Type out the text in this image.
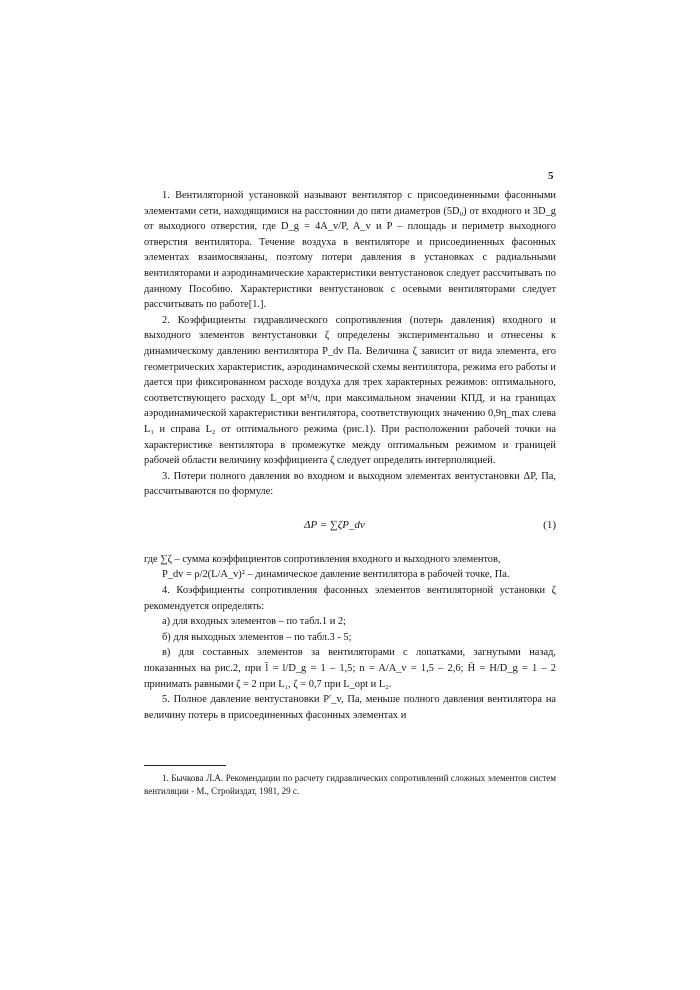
5

1. Вентиляторной установкой называют вентилятор с присоединенными фасонными элементами сети, находящимися на расстоянии до пяти диаметров (5D₀) от входного и 3D_g от выходного отверстия, где D_g = 4A_v/P, A_v и P – площадь и периметр выходного отверстия вентилятора. Течение воздуха в вентиляторе и присоединенных фасонных элементах взаимосвязаны, поэтому потери давления в установках с радиальными вентиляторами и аэродинамические характеристики вентустановок следует рассчитывать по данному Пособию. Характеристики вентустановок с осевыми вентиляторами следует рассчитывать по работе[1.].

2. Коэффициенты гидравлического сопротивления (потерь давления) входного и выходного элементов вентустановки ζ определены экспериментально и отнесены к динамическому давлению вентилятора P_dv Па. Величина ζ зависит от вида элемента, его геометрических характеристик, аэродинамической схемы вентилятора, режима его работы и дается при фиксированном расходе воздуха для трех характерных режимов: оптимального, соответствующего расходу L_opt м³/ч, при максимальном значении КПД, и на границах аэродинамической характеристики вентилятора, соответствующих значению 0,9η_max слева L₁ и справа L₂ от оптимального режима (рис.1). При расположении рабочей точки на характеристике вентилятора в промежутке между оптимальным режимом и границей рабочей области величину коэффициента ζ следует определять интерполяцией.

3. Потери полного давления во входном и выходном элементах вентустановки ΔP, Па, рассчитываются по формуле:

ΔP = ∑ζP_dv	(1)

где ∑ζ – сумма коэффициентов сопротивления входного и выходного элементов,

P_dv = ρ/2(L/A_v)² – динамическое давление вентилятора в рабочей точке, Па.

4. Коэффициенты сопротивления фасонных элементов вентиляторной установки ζ рекомендуется определять:

а) для входных элементов – по табл.1 и 2;

б) для выходных элементов – по табл.3 - 5;

в) для составных элементов за вентиляторами с лопатками, загнутыми назад, показанных на рис.2, при l̄ = l/D_g = 1 – 1,5; n = A/A_v = 1,5 – 2,6; H̄ = H/D_g = 1 – 2 принимать равными ζ = 2 при L₁, ζ = 0,7 при L_opt и L₂.

5. Полное давление вентустановки P′_v, Па, меньше полного давления вентилятора на величину потерь в присоединенных фасонных элементах и

1. Бычкова Л.А. Рекомендации по расчету гидравлических сопротивлений сложных элементов систем вентиляции - М., Стройиздат, 1981, 29 с.
